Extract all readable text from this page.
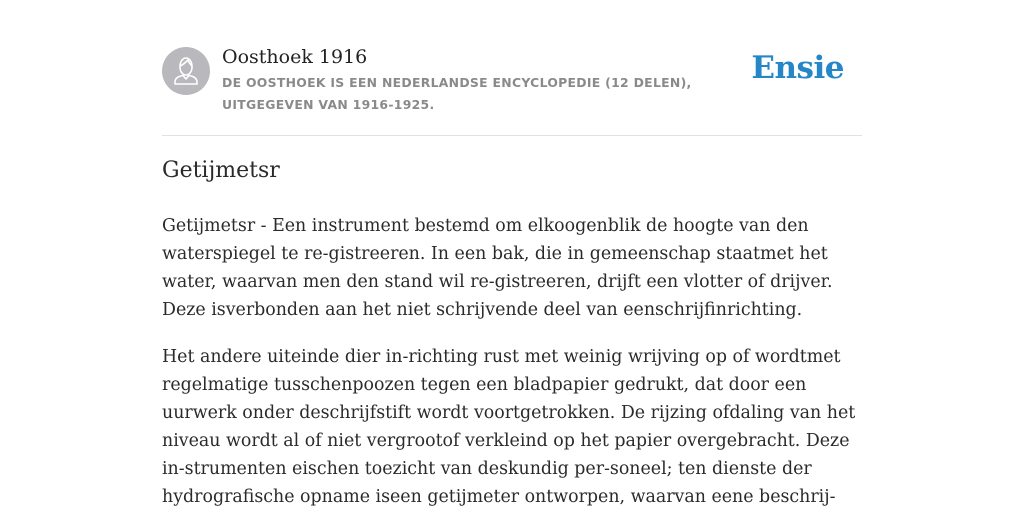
Oosthoek 1916
DE OOSTHOEK IS EEN NEDERLANDSE ENCYCLOPEDIE (12 DELEN), UITGEGEVEN VAN 1916-1925.
Ensie
Getijmetsr

Getijmetsr - Een instrument bestemd om elkoogenblik de hoogte van den waterspiegel te re-gistreeren. In een bak, die in gemeenschap staatmet het water, waarvan men den stand wil re-gistreeren, drijft een vlotter of drijver. Deze isverbonden aan het niet schrijvende deel van eenschrijfinrichting.

Het andere uiteinde dier in-richting rust met weinig wrijving op of wordtmet regelmatige tusschenpoozen tegen een bladpapier gedrukt, dat door een uurwerk onder deschrijfstift wordt voortgetrokken. De rijzing ofdaling van het niveau wordt al of niet vergrootof verkleind op het papier overgebracht. Deze in-strumenten eischen toezicht van deskundig per-soneel; ten dienste der hydrografische opname iseen getijmeter ontworpen, waarvan eene beschrij-
